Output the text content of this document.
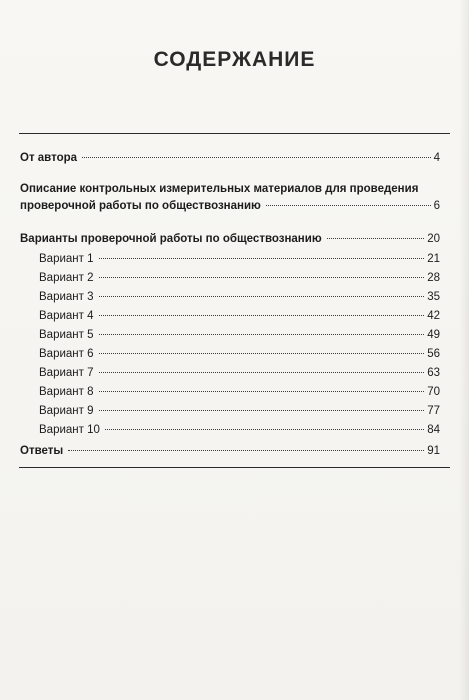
СОДЕРЖАНИЕ
От автора	4
Описание контрольных измерительных материалов для проведения
проверочной работы по обществознанию	6
Варианты проверочной работы по обществознанию	20
Вариант 1	21
Вариант 2	28
Вариант 3	35
Вариант 4	42
Вариант 5	49
Вариант 6	56
Вариант 7	63
Вариант 8	70
Вариант 9	77
Вариант 10	84
Ответы	91
